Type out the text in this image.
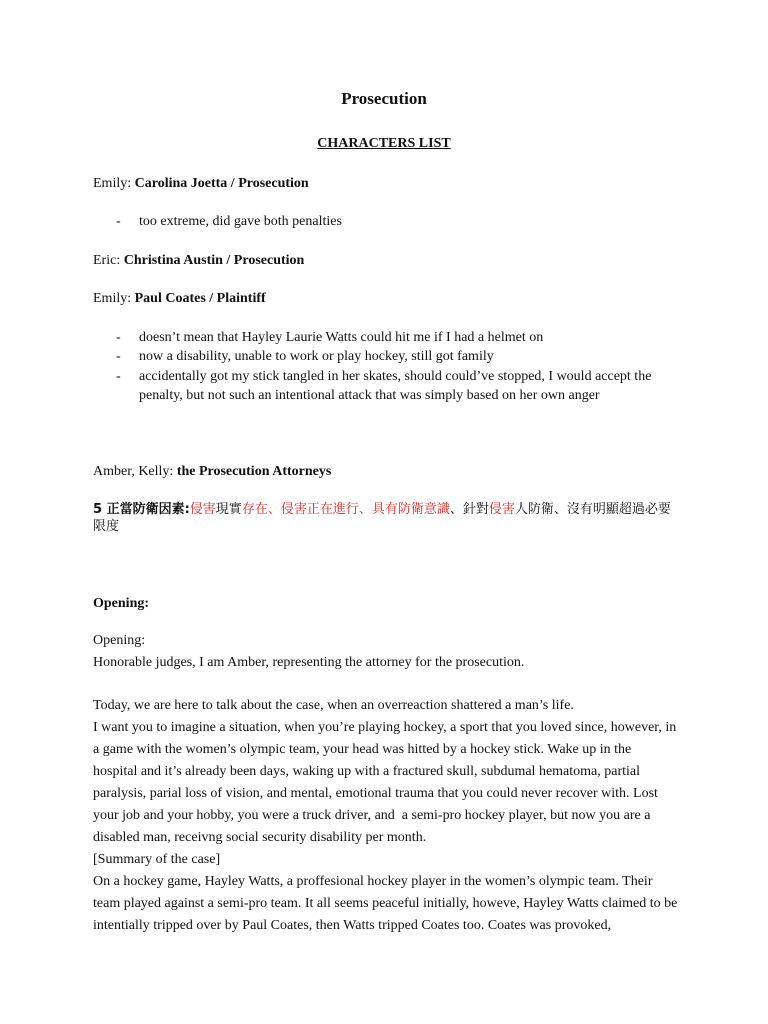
Prosecution
CHARACTERS LIST
Emily: Carolina Joetta / Prosecution
- too extreme, did gave both penalties
Eric: Christina Austin / Prosecution
Emily: Paul Coates / Plaintiff
- doesn’t mean that Hayley Laurie Watts could hit me if I had a helmet on
- now a disability, unable to work or play hockey, still got family
- accidentally got my stick tangled in her skates, should could’ve stopped, I would accept the penalty, but not such an intentional attack that was simply based on her own anger
Amber, Kelly: the Prosecution Attorneys
5 正當防衛因素:侵害現實存在、侵害正在進行、具有防衛意識、針對侵害人防衛、沒有明顯超過必要限度
Opening:
Opening:
Honorable judges, I am Amber, representing the attorney for the prosecution.
Today, we are here to talk about the case, when an overreaction shattered a man’s life.
I want you to imagine a situation, when you’re playing hockey, a sport that you loved since, however, in a game with the women’s olympic team, your head was hitted by a hockey stick. Wake up in the hospital and it’s already been days, waking up with a fractured skull, subdumal hematoma, partial paralysis, parial loss of vision, and mental, emotional trauma that you could never recover with. Lost your job and your hobby, you were a truck driver, and  a semi-pro hockey player, but now you are a disabled man, receivng social security disability per month.
[Summary of the case]
On a hockey game, Hayley Watts, a proffesional hockey player in the women’s olympic team. Their team played against a semi-pro team. It all seems peaceful initially, howeve, Hayley Watts claimed to be intentially tripped over by Paul Coates, then Watts tripped Coates too. Coates was provoked,
